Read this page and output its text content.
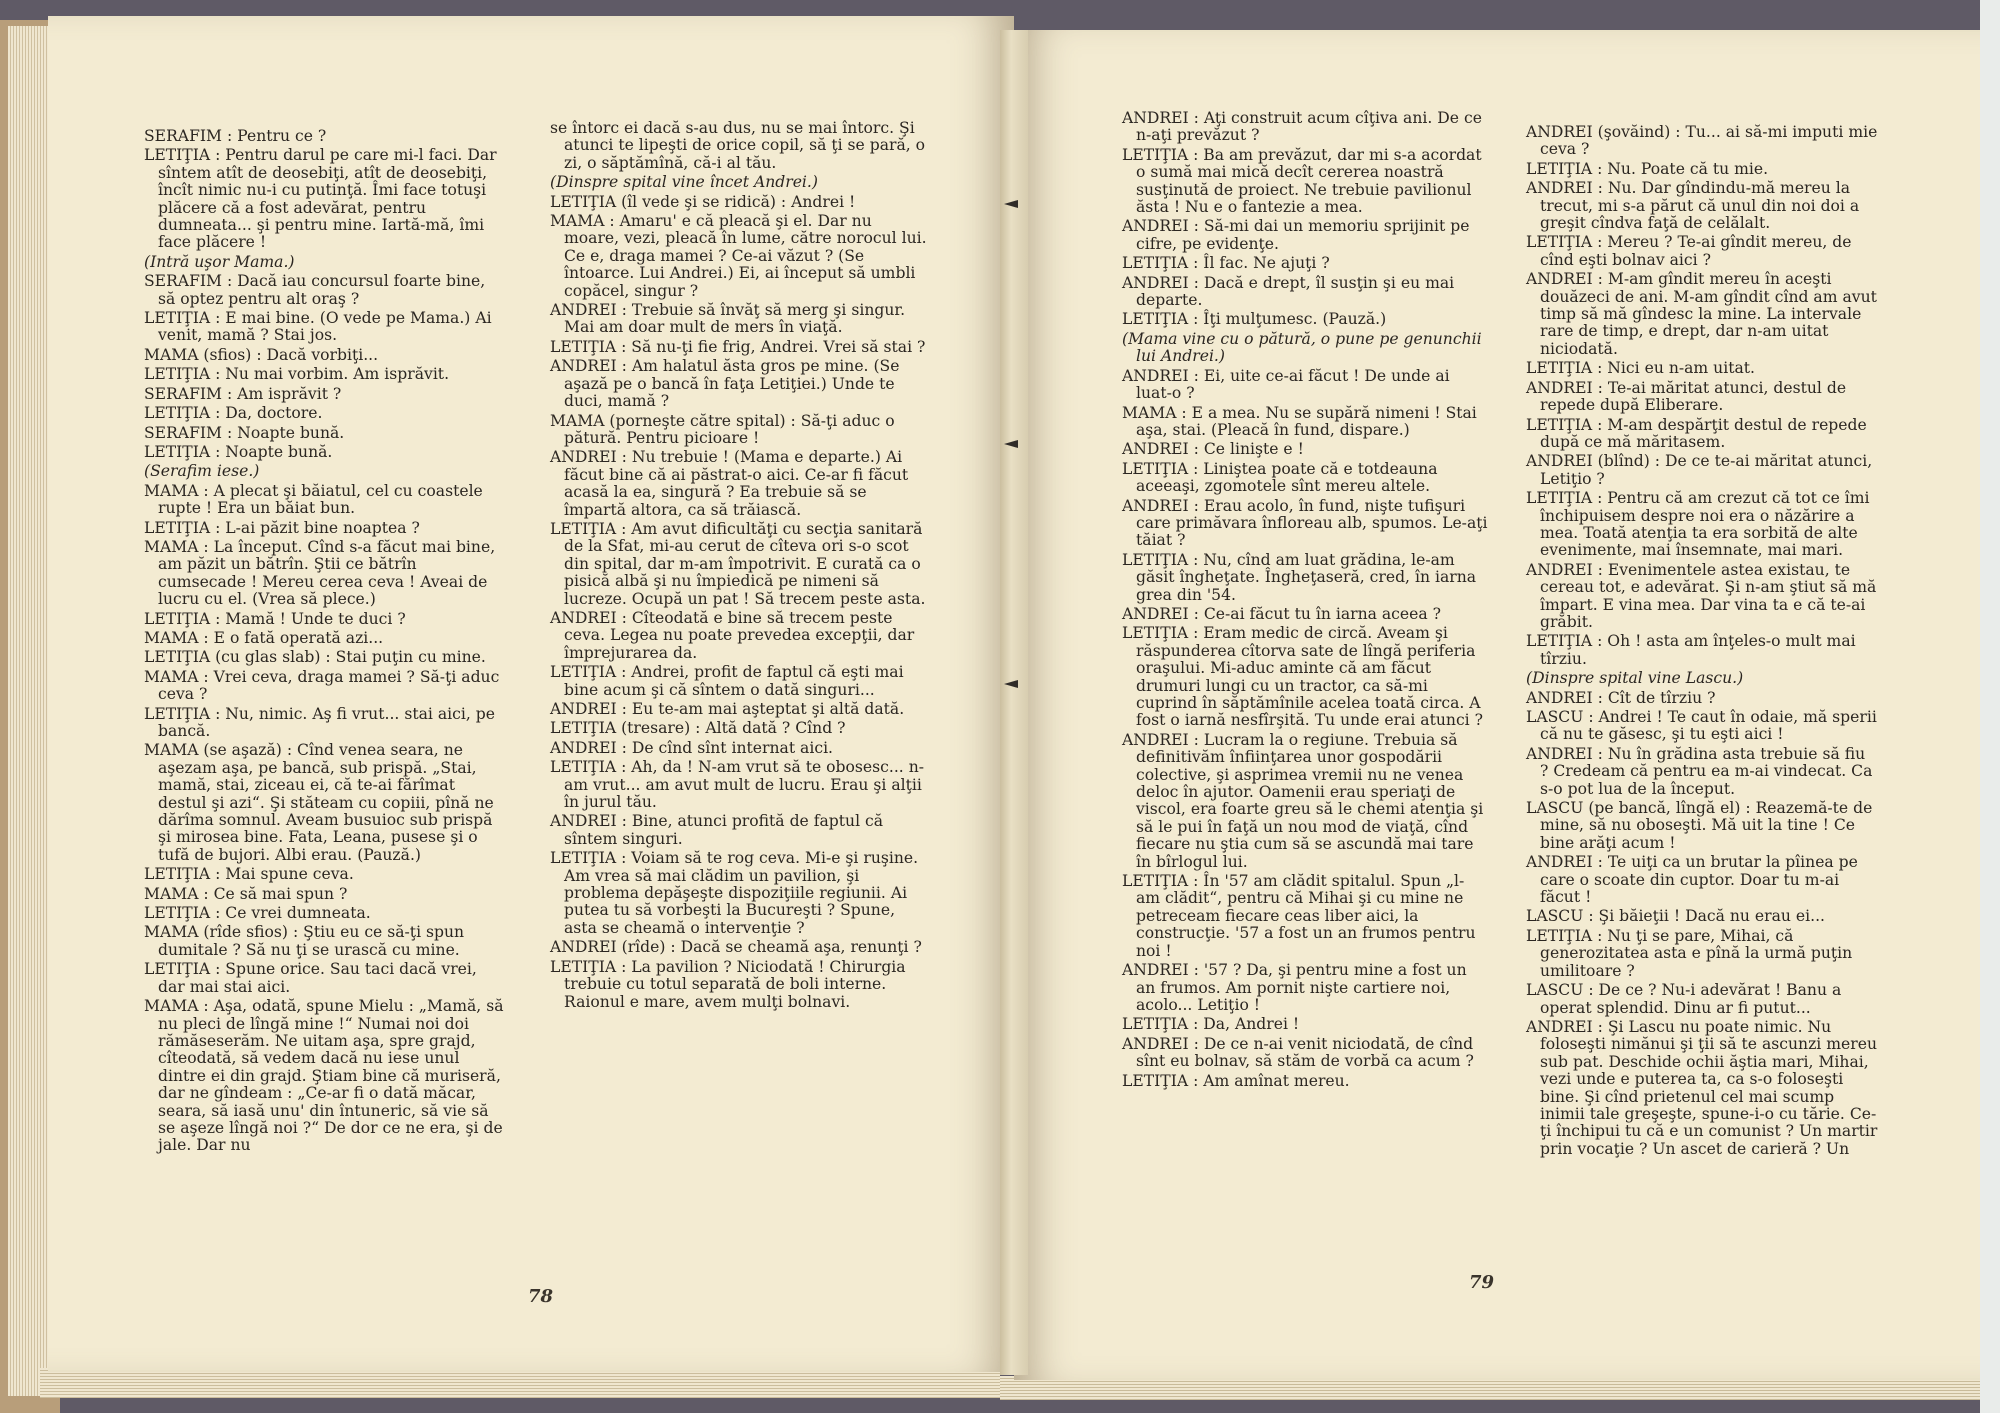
SERAFIM : Pentru ce ?

LETIŢIA : Pentru darul pe care mi-l faci. Dar sîntem atît de deosebiţi, atît de deosebiţi, încît nimic nu-i cu putinţă. Îmi face totuşi plăcere că a fost adevărat, pentru dumneata... şi pentru mine. Iartă-mă, îmi face plăcere !

(Intră uşor Mama.)

SERAFIM : Dacă iau concursul foarte bine, să optez pentru alt oraş ?

LETIŢIA : E mai bine. (O vede pe Mama.) Ai venit, mamă ? Stai jos.

MAMA (sfios) : Dacă vorbiţi...

LETIŢIA : Nu mai vorbim. Am isprăvit.

SERAFIM : Am isprăvit ?

LETIŢIA : Da, doctore.

SERAFIM : Noapte bună.

LETIŢIA : Noapte bună.

(Serafim iese.)

MAMA : A plecat şi băiatul, cel cu coastele rupte ! Era un băiat bun.

LETIŢIA : L-ai păzit bine noaptea ?

MAMA : La început. Cînd s-a făcut mai bine, am păzit un bătrîn. Ştii ce bătrîn cumsecade ! Mereu cerea ceva ! Aveai de lucru cu el. (Vrea să plece.)

LETIŢIA : Mamă ! Unde te duci ?

MAMA : E o fată operată azi...

LETIŢIA (cu glas slab) : Stai puţin cu mine.

MAMA : Vrei ceva, draga mamei ? Să-ţi aduc ceva ?

LETIŢIA : Nu, nimic. Aş fi vrut... stai aici, pe bancă.

MAMA (se aşază) : Cînd venea seara, ne aşezam aşa, pe bancă, sub prispă. „Stai, mamă, stai, ziceau ei, că te-ai fărîmat destul şi azi“. Şi stăteam cu copiii, pînă ne dărîma somnul. Aveam busuioc sub prispă şi mirosea bine. Fata, Leana, pusese şi o tufă de bujori. Albi erau. (Pauză.)

LETIŢIA : Mai spune ceva.

MAMA : Ce să mai spun ?

LETIŢIA : Ce vrei dumneata.

MAMA (rîde sfios) : Ştiu eu ce să-ţi spun dumitale ? Să nu ţi se urască cu mine.

LETIŢIA : Spune orice. Sau taci dacă vrei, dar mai stai aici.

MAMA : Aşa, odată, spune Mielu : „Mamă, să nu pleci de lîngă mine !“ Numai noi doi rămăseserăm. Ne uitam aşa, spre grajd, cîteodată, să vedem dacă nu iese unul dintre ei din grajd. Ştiam bine că muriseră, dar ne gîndeam : „Ce-ar fi o dată măcar, seara, să iasă unu' din întuneric, să vie să se aşeze lîngă noi ?“ De dor ce ne era, şi de jale. Dar nu

se întorc ei dacă s-au dus, nu se mai întorc. Şi atunci te lipeşti de orice copil, să ţi se pară, o zi, o săptămînă, că-i al tău.

(Dinspre spital vine încet Andrei.)

LETIŢIA (îl vede şi se ridică) : Andrei !

MAMA : Amaru' e că pleacă şi el. Dar nu moare, vezi, pleacă în lume, către norocul lui. Ce e, draga mamei ? Ce-ai văzut ? (Se întoarce. Lui Andrei.) Ei, ai început să umbli copăcel, singur ?

ANDREI : Trebuie să învăţ să merg şi singur. Mai am doar mult de mers în viaţă.

LETIŢIA : Să nu-ţi fie frig, Andrei. Vrei să stai ?

ANDREI : Am halatul ăsta gros pe mine. (Se aşază pe o bancă în faţa Letiţiei.) Unde te duci, mamă ?

MAMA (porneşte către spital) : Să-ţi aduc o pătură. Pentru picioare !

ANDREI : Nu trebuie ! (Mama e departe.) Ai făcut bine că ai păstrat-o aici. Ce-ar fi făcut acasă la ea, singură ? Ea trebuie să se împartă altora, ca să trăiască.

LETIŢIA : Am avut dificultăţi cu secţia sanitară de la Sfat, mi-au cerut de cîteva ori s-o scot din spital, dar m-am împotrivit. E curată ca o pisică albă şi nu împiedică pe nimeni să lucreze. Ocupă un pat ! Să trecem peste asta.

ANDREI : Cîteodată e bine să trecem peste ceva. Legea nu poate prevedea excepţii, dar împrejurarea da.

LETIŢIA : Andrei, profit de faptul că eşti mai bine acum şi că sîntem o dată singuri...

ANDREI : Eu te-am mai aşteptat şi altă dată.

LETIŢIA (tresare) : Altă dată ? Cînd ?

ANDREI : De cînd sînt internat aici.

LETIŢIA : Ah, da ! N-am vrut să te obosesc... n-am vrut... am avut mult de lucru. Erau şi alţii în jurul tău.

ANDREI : Bine, atunci profită de faptul că sîntem singuri.

LETIŢIA : Voiam să te rog ceva. Mi-e şi ruşine. Am vrea să mai clădim un pavilion, şi problema depăşeşte dispoziţiile regiunii. Ai putea tu să vorbeşti la Bucureşti ? Spune, asta se cheamă o intervenţie ?

ANDREI (rîde) : Dacă se cheamă aşa, renunţi ?

LETIŢIA : La pavilion ? Niciodată ! Chirurgia trebuie cu totul separată de boli interne. Raionul e mare, avem mulţi bolnavi.

78

ANDREI : Aţi construit acum cîţiva ani. De ce n-aţi prevăzut ?

LETIŢIA : Ba am prevăzut, dar mi s-a acordat o sumă mai mică decît cererea noastră susţinută de proiect. Ne trebuie pavilionul ăsta ! Nu e o fantezie a mea.

ANDREI : Să-mi dai un memoriu sprijinit pe cifre, pe evidenţe.

LETIŢIA : Îl fac. Ne ajuţi ?

ANDREI : Dacă e drept, îl susţin şi eu mai departe.

LETIŢIA : Îţi mulţumesc. (Pauză.)

(Mama vine cu o pătură, o pune pe genunchii lui Andrei.)

ANDREI : Ei, uite ce-ai făcut ! De unde ai luat-o ?

MAMA : E a mea. Nu se supără nimeni ! Stai aşa, stai. (Pleacă în fund, dispare.)

ANDREI : Ce linişte e !

LETIŢIA : Liniştea poate că e totdeauna aceeaşi, zgomotele sînt mereu altele.

ANDREI : Erau acolo, în fund, nişte tufişuri care primăvara înfloreau alb, spumos. Le-aţi tăiat ?

LETIŢIA : Nu, cînd am luat grădina, le-am găsit îngheţate. Îngheţaseră, cred, în iarna grea din '54.

ANDREI : Ce-ai făcut tu în iarna aceea ?

LETIŢIA : Eram medic de circă. Aveam şi răspunderea cîtorva sate de lîngă periferia oraşului. Mi-aduc aminte că am făcut drumuri lungi cu un tractor, ca să-mi cuprind în săptămînile acelea toată circa. A fost o iarnă nesfîrşită. Tu unde erai atunci ?

ANDREI : Lucram la o regiune. Trebuia să definitivăm înfiinţarea unor gospodării colective, şi asprimea vremii nu ne venea deloc în ajutor. Oamenii erau speriaţi de viscol, era foarte greu să le chemi atenţia şi să le pui în faţă un nou mod de viaţă, cînd fiecare nu ştia cum să se ascundă mai tare în bîrlogul lui.

LETIŢIA : În '57 am clădit spitalul. Spun „l-am clădit“, pentru că Mihai şi cu mine ne petreceam fiecare ceas liber aici, la construcţie. '57 a fost un an frumos pentru noi !

ANDREI : '57 ? Da, şi pentru mine a fost un an frumos. Am pornit nişte cartiere noi, acolo... Letiţio !

LETIŢIA : Da, Andrei !

ANDREI : De ce n-ai venit niciodată, de cînd sînt eu bolnav, să stăm de vorbă ca acum ?

LETIŢIA : Am amînat mereu.

ANDREI (şovăind) : Tu... ai să-mi imputi mie ceva ?

LETIŢIA : Nu. Poate că tu mie.

ANDREI : Nu. Dar gîndindu-mă mereu la trecut, mi s-a părut că unul din noi doi a greşit cîndva faţă de celălalt.

LETIŢIA : Mereu ? Te-ai gîndit mereu, de cînd eşti bolnav aici ?

ANDREI : M-am gîndit mereu în aceşti douăzeci de ani. M-am gîndit cînd am avut timp să mă gîndesc la mine. La intervale rare de timp, e drept, dar n-am uitat niciodată.

LETIŢIA : Nici eu n-am uitat.

ANDREI : Te-ai măritat atunci, destul de repede după Eliberare.

LETIŢIA : M-am despărţit destul de repede după ce mă măritasem.

ANDREI (blînd) : De ce te-ai măritat atunci, Letiţio ?

LETIŢIA : Pentru că am crezut că tot ce îmi închipuisem despre noi era o năzărire a mea. Toată atenţia ta era sorbită de alte evenimente, mai însemnate, mai mari.

ANDREI : Evenimentele astea existau, te cereau tot, e adevărat. Şi n-am ştiut să mă împart. E vina mea. Dar vina ta e că te-ai grăbit.

LETIŢIA : Oh ! asta am înţeles-o mult mai tîrziu.

(Dinspre spital vine Lascu.)

ANDREI : Cît de tîrziu ?

LASCU : Andrei ! Te caut în odaie, mă sperii că nu te găsesc, şi tu eşti aici !

ANDREI : Nu în grădina asta trebuie să fiu ? Credeam că pentru ea m-ai vindecat. Ca s-o pot lua de la început.

LASCU (pe bancă, lîngă el) : Reazemă-te de mine, să nu oboseşti. Mă uit la tine ! Ce bine arăţi acum !

ANDREI : Te uiţi ca un brutar la pîinea pe care o scoate din cuptor. Doar tu m-ai făcut !

LASCU : Şi băieţii ! Dacă nu erau ei...

LETIŢIA : Nu ţi se pare, Mihai, că generozitatea asta e pînă la urmă puţin umilitoare ?

LASCU : De ce ? Nu-i adevărat ! Banu a operat splendid. Dinu ar fi putut...

ANDREI : Şi Lascu nu poate nimic. Nu foloseşti nimănui şi ţii să te ascunzi mereu sub pat. Deschide ochii ăştia mari, Mihai, vezi unde e puterea ta, ca s-o foloseşti bine. Şi cînd prietenul cel mai scump inimii tale greşeşte, spune-i-o cu tărie. Ce-ţi închipui tu că e un comunist ? Un martir prin vocaţie ? Un ascet de carieră ? Un

79
